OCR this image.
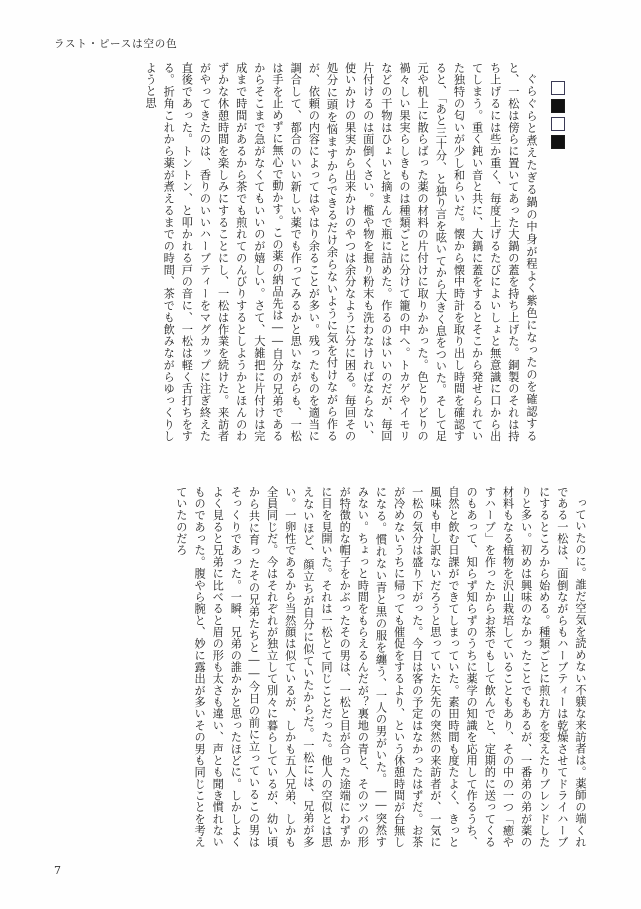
ラスト・ピースは空の色

ぐらぐらと煮えたぎる鍋の中身が程よく紫色になったのを確認すると、一松は傍らに置いてあった大鍋の蓋を持ち上げた。銅製のそれは持ち上げるには些か重く、毎度上げるたびによいしょと無意識に口から出てしまう。重く鈍い音と共に、大鍋に蓋をするとそこから発せられていた独特の匂いが少し和らいだ。懐から懐中時計を取り出し時間を確認すると、「あと三十分、と独り言を呟いてから大きく息をついた。そして足元や机上に散らばった薬の材料の片付けに取りかかった。色とりどりの禍々しい果実らしきものは種類ごとに分けて籠の中へ。トカゲやイモリなどの干物はひょいと摘まんで瓶に詰めた。作るのはいいのだが、毎回片付けるのは面倒くさい。檻や物を掘り粉末も洗わなければならない、使いかけの果実から出来かけのやつは余分なように分に困る。毎回その処分に頭を悩ますからできるだけ余らないように気を付けながら作るが、依頼の内容によってはやはり余ることが多い。残ったものを適当に調合して、都合のいい新しい薬でも作ってみるかと思いながらも、一松は手を止めずに無心で動かす。この薬の納品先は――自分の兄弟であるからそこまで急がなくてもいいのが嬉しい。さて、大雑把に片付けは完成まで時間があるから茶でも煎れてのんびりするとしようかとほんのわずかな休憩時間を楽しみにすることにし、一松は作業を続けた。来訪者がやってきたのは、香りのいいハーブティーをマグカップに注ぎ終えた直後であった。トントン、と叩かれる戸の音に、一松は軽く舌打ちをする。折角これから薬が煮えるまでの時間、茶でも飲みながらゆっくりしようと思

っていたのに。誰だ空気を読めない不躾な来訪者は。薬師の端くれである一松は、面倒ながらもハーブティーは乾燥させてドライハーブにするところから始める。種類ごとに煎れ方を変えたりブレンドしたりと多い。初めは興味のなかったことでもあるが、一番弟の弟が薬の材料もなる植物を沢山栽培していることもあり、その中の一つ「癒やすハーブ」を作ったからお茶でもして飲んでと、定期的に送ってくるのもあって、知らず知らずのうちに薬学の知識を応用して作るうち、自然と飲む日課ができてしまっていた。素田時間も度たよく、きっと風味も申し訳ないだろうと思っていた矢先の突然の来訪者が、一気に一松の気分は盛り下がった。今日は客の予定はなかったはずだ。お茶が冷めないうちに帰っても催促をするより、という休憩時間が台無しになる。慣れない青と黒の服を纏う、一人の男がいた。――突然すみない。ちょっと時間をもらえるんだが？裏地の青と、そのツバの形が特徴的な帽子をかぶったその男は、一松と目が合った途端にわずかに目を見開いた。それは一松とて同じことだった。他人の空似とは思えないほど、顔立ちが自分に似ていたからだ。一松には、兄弟が多い。一卵性であるから当然顔は似ているが、しかも五人兄弟、しかも全員同じだ。今はそれぞれが独立して別々に暮らしているが、幼い頃から共に育ったその兄弟たちと――今日の前に立っているこの男はそっくりであった。一瞬、兄弟の誰かかと思ったほどに。しかしよくよく見ると兄弟に比べると眉の形も太さも違い、声とも聞き慣れないものであった。腹やら腕と、妙に露出が多いその男も同じことを考えていたのだろ

7
